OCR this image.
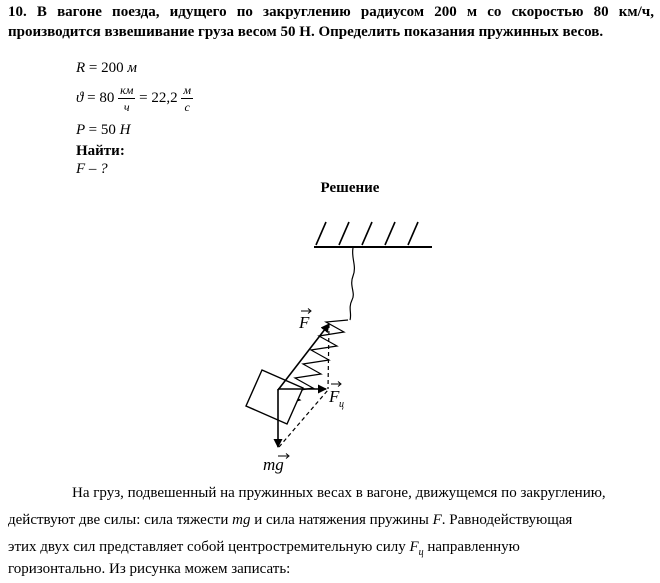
10. В вагоне поезда, идущего по закруглению радиусом 200 м со скоростью 80 км/ч, производится взвешивание груза весом 50 Н. Определить показания пружинных весов.
R = 200 м
$ϑ = 80 \frac{км}{ч} = 22,2 \frac{м}{с}$
P = 50 Н
Найти:
F – ?
Решение
F
F ц
mg
На груз, подвешенный на пружинных весах в вагоне, движущемся по закруглению,
действуют две силы: сила тяжести mg и сила натяжения пружины F. Равнодействующая
этих двух сил представляет собой центростремительную силу $F_ц$ направленную
горизонтально. Из рисунка можем записать:
